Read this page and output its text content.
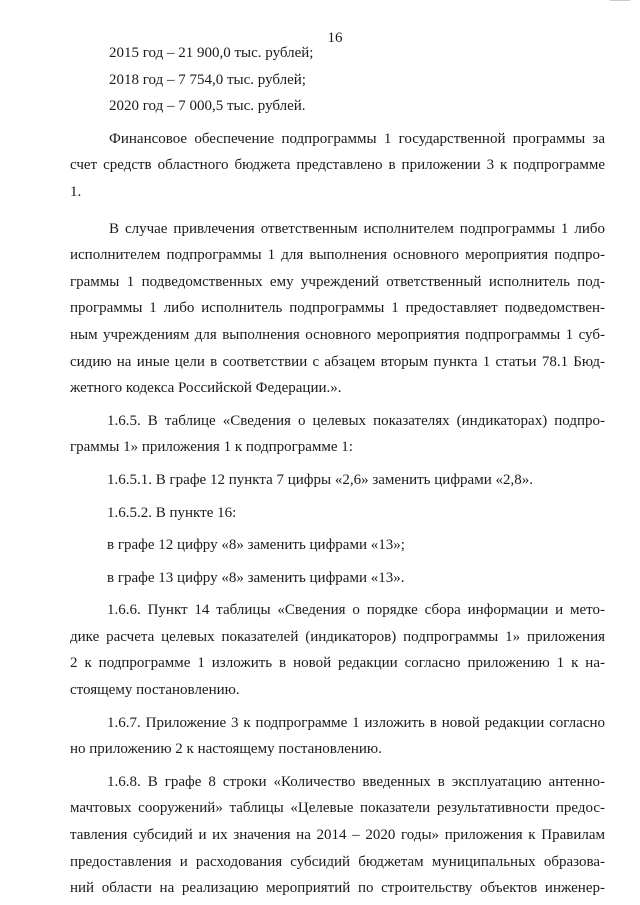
16
2015 год – 21 900,0 тыс. рублей;
2018 год – 7 754,0 тыс. рублей;
2020 год – 7 000,5 тыс. рублей.
Финансовое обеспечение подпрограммы 1 государственной программы за
счет средств областного бюджета представлено в приложении 3 к подпрограмме
1.
В случае привлечения ответственным исполнителем подпрограммы 1 либо
исполнителем подпрограммы 1 для выполнения основного мероприятия подпро-
граммы 1 подведомственных ему учреждений ответственный исполнитель под-
программы 1 либо исполнитель подпрограммы 1 предоставляет подведомствен-
ным учреждениям для выполнения основного мероприятия подпрограммы 1 суб-
сидию на иные цели в соответствии с абзацем вторым пункта 1 статьи 78.1 Бюд-
жетного кодекса Российской Федерации.».
1.6.5. В таблице «Сведения о целевых показателях (индикаторах) подпро-
граммы 1» приложения 1 к подпрограмме 1:
1.6.5.1. В графе 12 пункта 7 цифры «2,6» заменить цифрами «2,8».
1.6.5.2. В пункте 16:
в графе 12 цифру «8» заменить цифрами «13»;
в графе 13 цифру «8» заменить цифрами «13».
1.6.6. Пункт 14 таблицы «Сведения о порядке сбора информации и мето-
дике расчета целевых показателей (индикаторов) подпрограммы 1» приложения
2 к подпрограмме 1 изложить в новой редакции согласно приложению 1 к на-
стоящему постановлению.
1.6.7. Приложение 3 к подпрограмме 1 изложить в новой редакции согласно
но приложению 2 к настоящему постановлению.
1.6.8. В графе 8 строки «Количество введенных в эксплуатацию антенно-
мачтовых сооружений» таблицы «Целевые показатели результативности предос-
тавления субсидий и их значения на 2014 – 2020 годы» приложения к Правилам
предоставления и расходования субсидий бюджетам муниципальных образова-
ний области на реализацию мероприятий по строительству объектов инженер-
